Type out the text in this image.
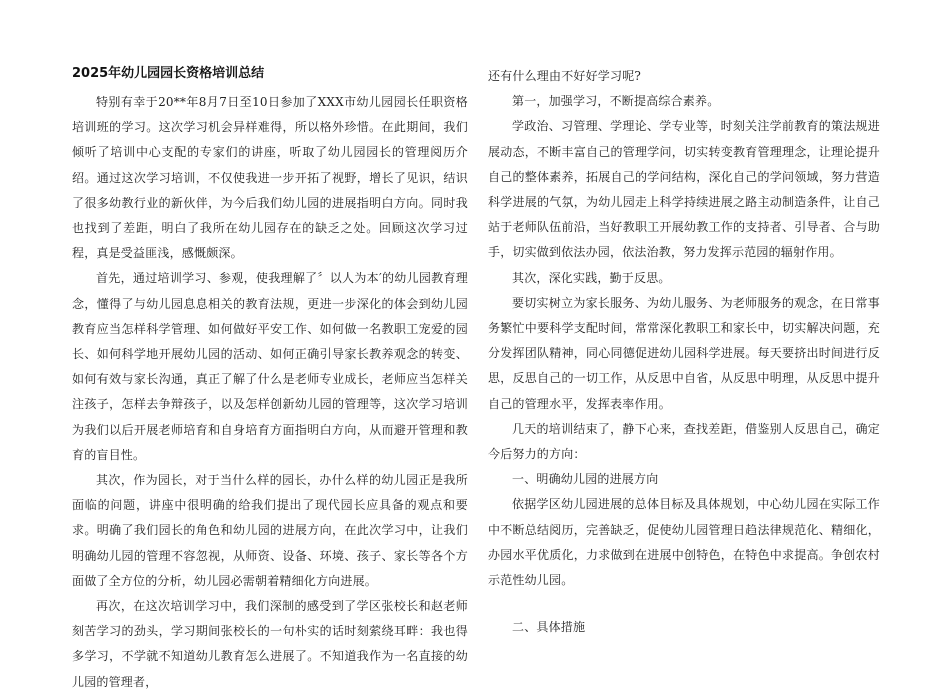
2025年幼儿园园长资格培训总结

特别有幸于20**年8月7日至10日参加了XXX市幼儿园园长任职资格培训班的学习。这次学习机会异样难得，所以格外珍惜。在此期间，我们倾听了培训中心支配的专家们的讲座，听取了幼儿园园长的管理阅历介绍。通过这次学习培训，不仅使我进一步开拓了视野，增长了见识，结识了很多幼教行业的新伙伴，为今后我们幼儿园的进展指明白方向。同时我也找到了差距，明白了我所在幼儿园存在的缺乏之处。回顾这次学习过程，真是受益匪浅，感慨颇深。

首先，通过培训学习、参观，使我理解了〞以人为本′的幼儿园教育理念，懂得了与幼儿园息息相关的教育法规，更进一步深化的体会到幼儿园教育应当怎样科学管理、如何做好平安工作、如何做一名教职工宠爱的园长、如何科学地开展幼儿园的活动、如何正确引导家长教养观念的转变、如何有效与家长沟通，真正了解了什么是老师专业成长，老师应当怎样关注孩子，怎样去争辩孩子，以及怎样创新幼儿园的管理等，这次学习培训为我们以后开展老师培育和自身培育方面指明白方向，从而避开管理和教育的盲目性。

其次，作为园长，对于当什么样的园长，办什么样的幼儿园正是我所面临的问题，讲座中很明确的给我们提出了现代园长应具备的观点和要求。明确了我们园长的角色和幼儿园的进展方向，在此次学习中，让我们明确幼儿园的管理不容忽视，从师资、设备、环境、孩子、家长等各个方面做了全方位的分析，幼儿园必需朝着精细化方向进展。

再次，在这次培训学习中，我们深制的感受到了学区张校长和赵老师刻苦学习的劲头，学习期间张校长的一句朴实的话时刻萦绕耳畔：我也得多学习，不学就不知道幼儿教育怎么进展了。不知道我作为一名直接的幼儿园的管理者，

还有什么理由不好好学习呢?

第一，加强学习，不断提高综合素养。

学政治、习管理、学理论、学专业等，时刻关注学前教育的策法规进展动态，不断丰富自己的管理学问，切实转变教育管理理念，让理论提升自己的整体素养，拓展自己的学问结构，深化自己的学问领域，努力营造科学进展的气氛，为幼儿园走上科学持续进展之路主动制造条件，让自己站于老师队伍前沿，当好教职工开展幼教工作的支持者、引导者、合与助手，切实做到依法办园，依法治教，努力发挥示范园的辐射作用。

其次，深化实践，勤于反思。

要切实树立为家长服务、为幼儿服务、为老师服务的观念，在日常事务繁忙中要科学支配时间，常常深化教职工和家长中，切实解决问题，充分发挥团队精神，同心同德促进幼儿园科学进展。每天要挤出时间进行反思，反思自己的一切工作，从反思中自省，从反思中明理，从反思中提升自己的管理水平，发挥表率作用。

几天的培训结束了，静下心来，查找差距，借鉴别人反思自己，确定今后努力的方向：

一、明确幼儿园的进展方向

依据学区幼儿园进展的总体目标及具体规划，中心幼儿园在实际工作中不断总结阅历，完善缺乏，促使幼儿园管理日趋法律规范化、精细化，办园水平优质化，力求做到在进展中创特色，在特色中求提高。争创农村示范性幼儿园。

二、具体措施
